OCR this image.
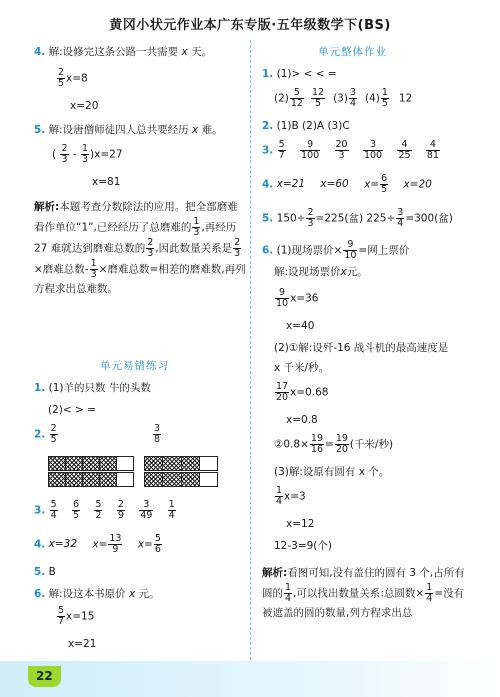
黄冈小状元作业本广东专版·五年级数学下(BS)
4. 解:设修完这条公路一共需要 x 天。
$\frac{2}{5} x=8$
x=20
5. 解:设唐僧师徒四人总共要经历 x 难。
( $\frac{2}{3} - \frac{1}{3} )x=27$
x=81
解析:本题考查分数除法的应用。把全部磨难看作单位“1”,已经经历了总磨难的 $\frac{1}{3}$ ,再经历 27 难就达到磨难总数的 $\frac{2}{3}$ ,因此数量关系是 $\frac{2}{3}$
×磨难总数- $\frac{1}{3}$ ×磨难总数=相差的磨难数,再列方程求出总难数。
单元易错练习
1. (1)羊的只数 牛的头数
(2)< > =
2. $\frac{2}{5}$	$\frac{3}{8}$
3. $\frac{5}{4}$
$\frac{6}{5}$
$\frac{5}{2}$
$\frac{2}{9}$
$\frac{3}{49}$
$\frac{1}{4}$
4. x=32 $x= \frac{13}{9} x= \frac{5}{6}$
5. B
6. 解:设这本书原价 x 元。
$\frac{5}{7} x=15$
x=21
单元整体作业
1. (1)> < < =
$(2) \frac{5}{12} \frac{12}{5} (3) \frac{3}{4} (4) \frac{1}{5} 12$
2. (1)B (2)A (3)C
3. $\frac{5}{7}$
$\frac{9}{100}$
$\frac{20}{3}$
$\frac{3}{100}$
$\frac{4}{25}$
$\frac{4}{81}$
4. x=21 x=60 $x= \frac{6}{5} x=20$
5. $150\div \frac{2}{3} =225$(盆) $225\div \frac{3}{4} =300$(盆)
6. (1)现场票价× $\frac{9}{10}$ =网上票价
解:设现场票价x元。
$\frac{9}{10} x=36$
x=40
(2)①解:设歼-16 战斗机的最高速度是
x 千米/秒。
$\frac{17}{20} x=0.68$
x=0.8
②0.8× $\frac{19}{16} = \frac{19}{20}$ (千米/秒)
(3)解:设原有圆有 x 个。
$\frac{1}{4} x=3$
x=12
12-3=9(个)
解析:看图可知,没有盖住的圆有 3 个,占所有圆的 $\frac{1}{4}$ ,可以找出数量关系:总圆数× $\frac{1}{4}$ =没有被遮盖的圆的数量,列方程求出总
22
